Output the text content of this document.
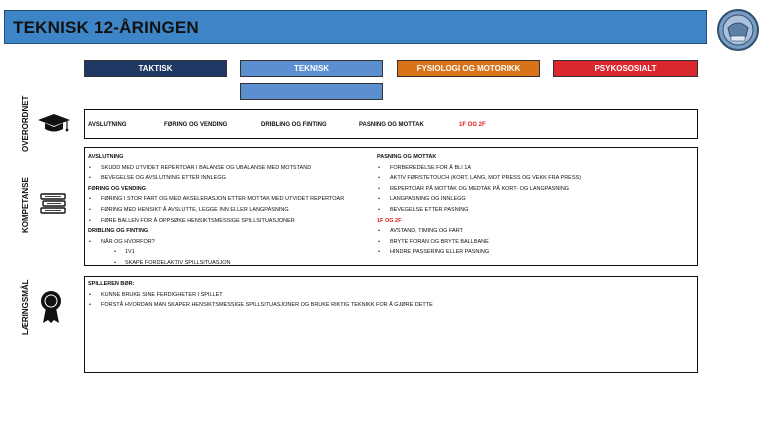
TEKNISK 12-ÅRINGEN
TAKTISK	TEKNISK	FYSIOLOGI OG MOTORIKK	PSYKOSOSIALT
OVERORDNET	AVSLUTNING	FØRING OG VENDING	DRIBLING OG FINTING	PASNING OG MOTTAK	1F OG 2F
KOMPETANSE
AVSLUTNING
• SKUDD MED UTVIDET REPERTOAR I BALANSE OG UBALANSE MED MOTSTAND
• BEVEGELSE OG AVSLUTNING ETTER INNLEGG
FØRING OG VENDING
• FØRING I STOR FART OG MED AKSELERASJON ETTER MOTTAK MED UTVIDET REPERTOAR
• FØRING MED HENSIKT Å AVSLUTTE, LEGGE INN ELLER LANGPASNING
• FØRE BALLEN FOR Å OPPSØKE HENSIKTSMESSIGE SPILLSITUASJONER
DRIBLING OG FINTING
• NÅR OG HVORFOR?
• 1V1
• SKAPE FORDELAKTIV SPILLSITUASJON
PASNING OG MOTTAK
• FORBEREDELSE FOR Å BLI 1A
• AKTIV FØRSTETOUCH (KORT, LANG, MOT PRESS OG VEKK FRA PRESS)
• REPERTOAR PÅ MOTTAK OG MEDTAK PÅ KORT- OG LANGPASNING
• LANGPASNING OG INNLEGG
• BEVEGELSE ETTER PASNING
1F OG 2F
• AVSTAND, TIMING OG FART
• BRYTE FORAN OG BRYTE BALLBANE
• HINDRE PASSERING ELLER PASNING
LÆRINGSMÅL	SPILLEREN BØR:
• KUNNE BRUKE SINE FERDIGHETER I SPILLET
• FORSTÅ HVORDAN MAN SKAPER HENSIKTSMESSIGE SPILLSITUASJONER OG BRUKE RIKTIG TEKNIKK FOR Å GJØRE DETTE
